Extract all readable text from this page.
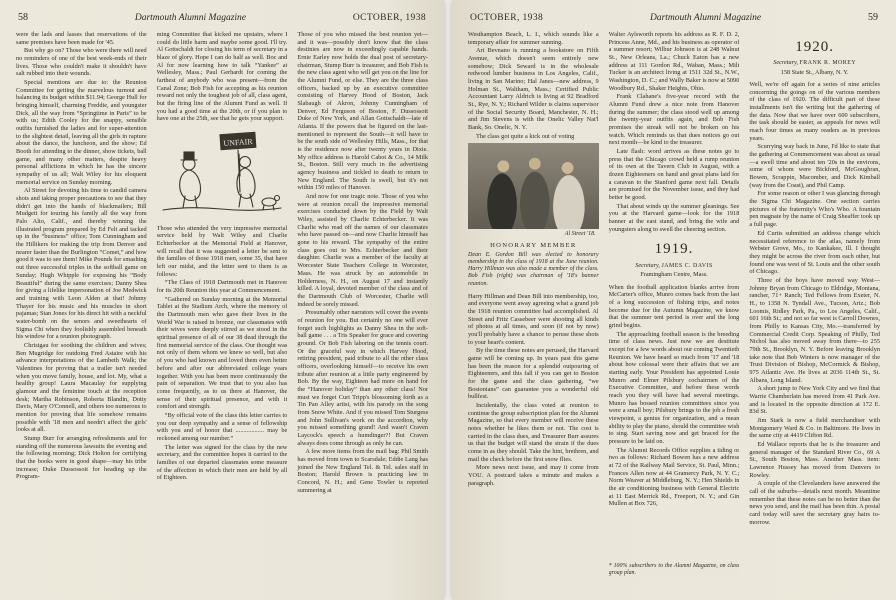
58	Dartmouth Alumni Magazine	OCTOBER, 1938

were the lads and lasses that reservations of the same premises have been made for '45.

But why go on? Those who were there will need no reminders of one of the best week-ends of their lives. Those who couldn't make it shouldn't have salt rubbed into their wounds.

Special mentions are due to: the Reunion Committee for getting the marvelous turnout and balancing its budget within $11.94; George Hull for bringing himself, charming Freddie, and youngster Dick, all the way from “Springtime in Paris” to be with us; Edith Cooley for the snappy, sensible outfits furnished the ladies and for super-attention to the slightest detail, leaving all the girls in rapture about the dance, the luncheon, and the show; Ed Booth for attending to the dinner, show tickets, ball game, and many other matters, despite heavy personal afflictions in which he has the sincere sympathy of us all; Walt Wiley for his eloquent memorial service on Sunday morning.

Al Street for devoting his time to candid camera shots and taking proper precautions to see that they didn't get into the hands of blackmailers; Bill Mudgett for touring his family all the way from Palo Alto, Calif., and thereby winning the illustrated program prepared by Ed Felt and tacked up in the “business” office; Tom Cunningham and the Hillikers for making the trip from Denver and nearer faster than the Burlington “Comet,” and how good it was to see them! Mike Pounds for smashing out three successful triples in the softball game on Sunday; Hugh Whipple for exposing his “Body Beautiful” during the same exercises; Danny Shea for giving a lifelike impersonation of Joe Medwick and training with Leon Alden at that! Johnny Thayer for his music and his muscles in short pajamas; Stan Jones for his direct hit with a neckful water-bomb on the senors and sweethearts of Sigma Chi when they foolishly assembled beneath his window for a reunion photograph.

Christgau for soothing the children and wives; Ben Mugridge for outdoing Fred Astaire with his advance interpretations of the Lambeth Walk; the Valentines for proving that a trailer isn't needed when you move family, house, and lot. My, what a healthy group! Laura Macaulay for supplying glamour and the feminine touch at the reception desk; Martha Robinson, Roberta Blandin, Dotty Davis, Mary O'Connell, and others too numerous to mention for proving that life somehow remains possible with '18 men and needn't affect the girls' looks at all.

Stump Burr for arranging refreshments and for standing off the numerous lawsuits the evening and the following morning; Dick Holton for certifying that the books were in good shape—may his tribe increase; Duke Dussossoit for heading up the Program-

ming Committee that kicked me upstairs, where I could do little harm and maybe some good. I'll try. Al Gottschaldt for closing his term of secretary in a blaze of glory. Hope I can do half as well. Boc and Al for now learning how to talk “Yankee” at Wellesley, Mass.; Paul Gerhardt for coming the farthest of anybody who was present—from the Canal Zone; Bob Fish for accepting as his reunion reward not only the toughest job of all, class agent, but the firing line of the Alumni Fund as well. If you had a good time at the 20th, or if you plan to have one at the 25th, see that he gets your support.

UNFAIR

Those who attended the very impressive memorial service held by Walt Wiley and Charlie Echterbecker at the Memorial Field at Hanover, will recall that it was suggested a letter be sent to the families of those 1918 men, some 35, that have left our midst, and the letter sent to them is as follows:

“The Class of 1918 Dartmouth met in Hanover for its 20th Reunion this year at Commencement.

“Gathered on Sunday morning at the Memorial Tablet at the Stadium Arch, where the memory of the Dartmouth men who gave their lives in the World War is raised in bronze, our classmates with their wives were deeply stirred as we stood in the spiritual presence of all of our 38 dead through the first memorial service of the class. Our thought was not only of them whom we knew so well, but also of you who had known and loved them even better before and after our abbreviated college years together. With you has been more continuously the pain of separation. We trust that to you also has come frequently, as to us there at Hanover, the sense of their spiritual presence, and with it comfort and strength.

“By official vote of the class this letter carries to you our deep sympathy and a sense of fellowship with you and of honor that .................. may be reckoned among our number.”

The letter was signed for the class by the new secretary, and the committee hopes it carried to the families of our departed classmates some measure of the affection in which their men are held by all of Eighteen.

Those of you who missed the best reunion yet—and it was—possibly don't know that the class destinies are now in exceedingly capable hands. Ernie Earley now holds the dual post of secretary-chairman, Stump Burr is treasurer, and Bob Fish is the new class agent who will get you on the line for the Alumni Fund, or else. They are the three class officers, backed up by an executive committee consisting of Harvey Hood of Boston, Jack Slabaugh of Akron, Johnny Cunningham of Denver, Ed Ferguson of Boston, F. Dussossoit Duke of New York, and Allan Gottschaldt—late of Atlanta. If the powers that be figured on the last-mentioned to represent the South—it will have to be the south side of Wellesley Hills, Mass., for that is the residence now after twenty years in Dixie. My office address is Harold Cabot & Co., 14 Milk St., Boston. Still very much in the advertising agency business and tickled to death to return to New England. The South is swell, but it's not within 150 miles of Hanover.

And now for one tragic note. Those of you who were at reunion recall the impressive memorial exercises conducted down by the Field by Walt Wiley, assisted by Charlie Echterbecker. It was Charlie who read off the names of our classmates who have passed on—and now Charlie himself has gone to his reward. The sympathy of the entire class goes out to Mrs. Echterbecker and their daughter. Charlie was a member of the faculty at Worcester State Teachers College in Worcester, Mass. He was struck by an automobile in Holderness, N. H., on August 17 and instantly killed. A loyal, devoted member of the class and of the Dartmouth Club of Worcester, Charlie will indeed be sorely missed.

Presumably other narrators will cover the events of reunion for you. But certainly no one will ever forget such highlights as Danny Shea in the soft-ball game . . . a Tris Speaker for grace and covering ground. Or Bob Fish laboring on the tennis court. Or the graceful way in which Harvey Hood, retiring president, paid tribute to all the other class officers, overlooking himself—to receive his own tribute after reunion at a little party engineered by Bob. By the way, Eighteen had more on hand for the “Hanover holiday” than any other class! Nor must we forget Curt Tripp's blossoming forth as a Tin Pan Alley artist, with his parody on the song from Snow White. And if you missed Tom Sturgess and John Sullivan's work on the accordion, why you missed something grand! And wasn't Craven Laycock's speech a humdinger?! But Craven always does come through as only he can.

A few more items from the mail bag: Phil Smith has moved from town to Scarsdale; Eddie Lang has joined the New England Tel. & Tel. sales staff in Boston; Harold Brown is practicing law in Concord, N. H.; and Gene Towler is reported summering at

OCTOBER, 1938	Dartmouth Alumni Magazine	59

Westhampton Beach, L. I., which sounds like a temporary affair for summer sunning.

Art Bevnano is running a bookstore on Fifth Avenue, which doesn't seem entirely new somehow; Dick Seward is in the wholesale redwood lumber business in Los Angeles, Calif., living in San Marino; Hal Janes—new address, 9 Holman St., Waltham, Mass.; Certified Public Accountant Larry Aldrich is living at 92 Bradford St., Rye, N. Y.; Richard Wilder is claims supervisor of the Social Security Board, Manchester, N. H.; and Jim Stevens is with the Onelic Valley Nat'l Bank, So. Onelic, N. Y.

The class got quite a kick out of voting

Al Street '18.
HONORARY MEMBER

Dean E. Gordon Bill was elected to honorary membership in the class of 1918 at the June reunion. Harry Hillman was also made a member of the class. Bob Fish (right) was chairman of '18's banner reunion.

Harry Hillman and Dean Bill into membership, too, and everyone went away agreeing what a grand job the 1918 reunion committee had accomplished. Al Street and Fritz Cassebeer were shooting all kinds of photos at all times, and soon (if not by now) you'll probably have a chance to peruse these shots to your heart's content.

By the time these notes are perused, the Harvard game will be coming up. In years past this game has been the reason for a splendid outpouring of Eighteeners, and this fall if you can get to Boston for the game and the class gathering, “we Bostonians” can guarantee you a wonderful old bullfest.

Incidentally, the class voted at reunion to continue the group subscription plan for the Alumni Magazine, so that every member will receive these notes whether he likes them or not. The cost is carried in the class dues, and Treasurer Burr assures us that the budget will stand the strain if the dues come in as they should. Take the hint, brethren, and mail the check before the first snow flies.

More news next issue, and may it come from YOU. A postcard takes a minute and makes a paragraph.

Walter Aylsworth reports his address as R. F. D. 2, Princess Anne, Md., and his business as operator of a summer resort; Wilbur Johnson is at 248 Walnut St., New Orleans, La.; Chuck Eaton has a new address at 111 Gordon Rd., Waban, Mass.; Milt Tucker is an architect living at 1511 32d St., N.W., Washington, D. C.; and Wally Baker is now at 5090 Woodbury Rd., Shaker Heights, Ohio.

Frank Clahane's five-year record with the Alumni Fund drew a nice note from Hanover during the summer; the class stood well up among the twenty-year outfits again, and Bob Fish promises the streak will not be broken on his watch. Which reminds us that dues notices go out next month—be kind to the treasurer.

Late flash: word arrives as these notes go to press that the Chicago crowd held a rump reunion of its own at the Tavern Club in August, with a dozen Eighteeners on hand and great plans laid for a caravan to the Stanford game next fall. Details are promised for the November issue, and they had better be good.

That about winds up the summer gleanings. See you at the Harvard game—look for the 1918 banner at the east stand, and bring the wife and youngsters along to swell the cheering section.

1919.

Secretary, JAMES C. DAVIS

Framingham Centre, Mass.

When the football application blanks arrive from McCarter's office, Munro comes back from the last of a long succession of fishing trips, and notes become due for the Autumn Magazine, we know that the summer tent period is over and the long grind begins.

The approaching football season is the breeding time of class news. Just now we are destitute except for a few words about our coming Twentieth Reunion. We have heard so much from '17 and '18 about how colossal were their affairs that we are starting early. Your President has appointed Louie Munro and Elmer Pilsbury cochairmen of the Executive Committee, and before these words reach you they will have had several meetings. Munro has bossed reunion committees since you were a small boy; Pilsbury brings to the job a fresh viewpoint, a genius for organization, and a mean ability to play the piano, should the committee wish to sing. Start saving now and get braced for the pressure to be laid on.

The Alumni Records Office supplies a tiding or two as follows: Richard Bowen has a new address at 72 of the Railway Mail Service, St. Paul, Minn.; Frances Allen now at 44 Gramercy Park, N. Y. C.; Norm Weaver at Middleburg, N. Y.; Hen Shields in the air conditioning business with General Electric at 11 East Merrick Rd., Freeport, N. Y.; and Gin Mullen at Box 726,

* 100% subscribers to the Alumni Magazine, on class group plan.

1920.

Secretary, FRANK R. MOREY

158 State St., Albany, N. Y.

Well, we're off again for a series of nine articles concerning the goings on of the various members of the class of 1920. The difficult part of these installments isn't the writing but the gathering of the data. Now that we have over 600 subscribers, the task should be easier, as appeals for news will reach four times as many readers as in previous years.

Scurrying way back in June, I'd like to state that the gathering at Commencement was about as usual—a swell time and about ten '20s in the environs, some of whom were Bickford, McGoughran, Bowen, Scrappin, Macomber, and Dick Kimball (way from the Coast), and Phil Camp.

For some reason or other I was glancing through the Sigma Chi Magazine. One section carries pictures of the fraternity's Who's Who. A fountain pen magnate by the name of Craig Sheaffer took up a full page.

Ed Curtis submitted an address change which necessitated reference to the atlas, namely from Webster Grove, Mo., to Kankakee, Ill. I thought they might be across the river from each other, but found one was west of St. Louis and the other south of Chicago.

Three of the boys have moved way West—Johnny Bryan from Chicago to Eldridge, Montana, rancher, 71+ Ranch; Ted Fellows from Exeter, N. H., to 1358 N. Tyndall Ave., Tucson, Ariz.; Bob Loomis, Ridley Park, Pa., to Los Angeles, Calif., 601 16th St.; and not so far west is Carroll Downes, from Philly to Kansas City, Mo.—transferred by Commercial Credit Corp. Speaking of Philly, Ted Nichol has also moved away from there—to 255 79th St., Brooklyn, N. Y. Before leaving Brooklyn take note that Bob Winters is now manager of the Trust Division of Bishop, McCormick & Bishop, 975 Atlantic Ave. He lives at 2036 114th St., St. Albans, Long Island.

A short jump to New York City and we find that Warrie Chamberlain has moved from 41 Park Ave. and is located in the opposite direction at 172 E. 83d St.

Jim Stark is now a field merchandiser with Montgomery Ward & Co. in Baltimore. He lives in the same city at 4419 Clifton Rd.

Ed Wallace reports that he is the treasurer and general manager of the Standard River Co., 69 A St., South Boston, Mass. Another Mass. item: Lawrence Hussey has moved from Danvers to Rowley.

A couple of the Clevelanders have answered the call of the suburbs—details next month. Meantime remember that these notes can be no better than the news you send, and the mail has been thin. A postal card today will save the secretary gray hairs to-morrow.
